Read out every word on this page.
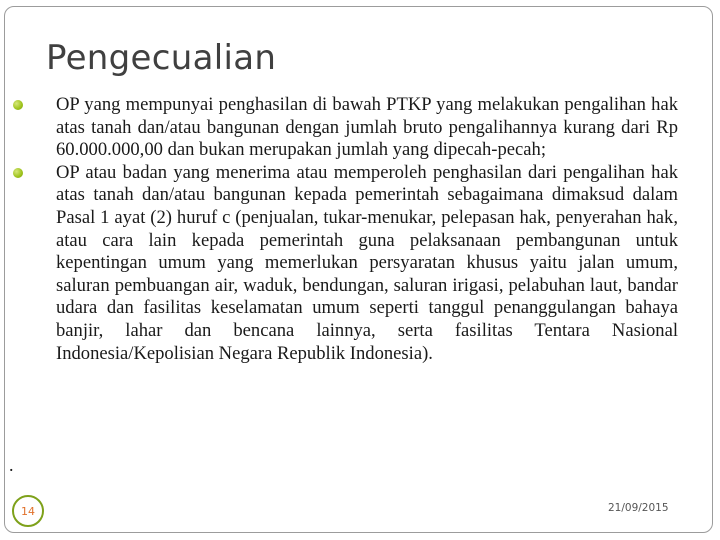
Pengecualian
OP yang mempunyai penghasilan di bawah PTKP yang melakukan pengalihan hak atas tanah dan/atau bangunan dengan jumlah bruto pengalihannya kurang dari Rp 60.000.000,00 dan bukan merupakan jumlah yang dipecah-pecah;
OP atau badan yang menerima atau memperoleh penghasilan dari pengalihan hak atas tanah dan/atau bangunan kepada pemerintah sebagaimana dimaksud dalam Pasal 1 ayat (2) huruf c (penjualan, tukar-menukar, pelepasan hak, penyerahan hak, atau cara lain kepada pemerintah guna pelaksanaan pembangunan untuk kepentingan umum yang memerlukan persyaratan khusus yaitu jalan umum, saluran pembuangan air, waduk, bendungan, saluran irigasi, pelabuhan laut, bandar udara dan fasilitas keselamatan umum seperti tanggul penanggulangan bahaya banjir, lahar dan bencana lainnya, serta fasilitas Tentara Nasional Indonesia/Kepolisian Negara Republik Indonesia).
.
14	21/09/2015
